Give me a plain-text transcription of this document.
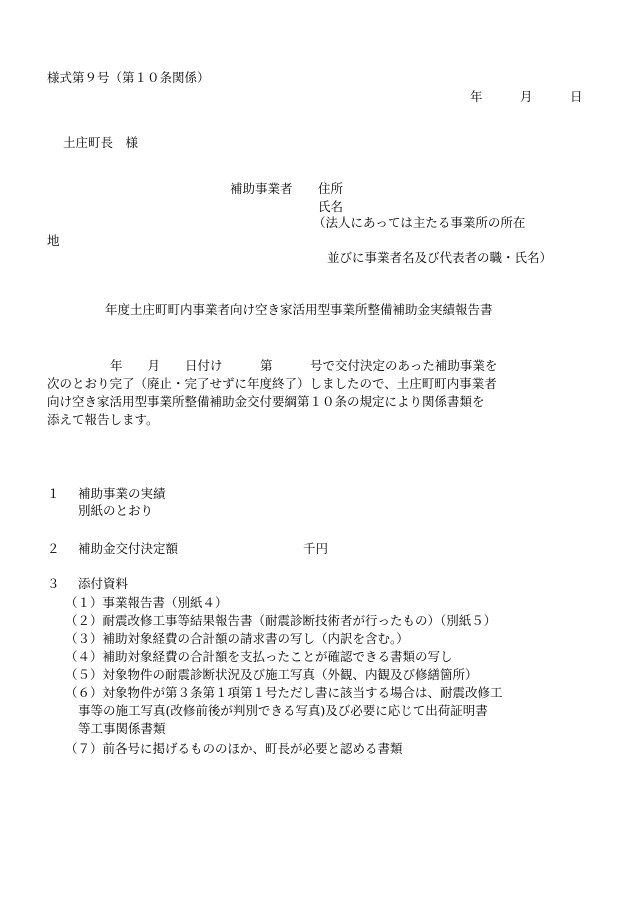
様式第９号（第１０条関係）
年　　　月　　　日
土庄町長　様
補助事業者 住所
氏名
（法人にあっては主たる事業所の所在
地
並びに事業者名及び代表者の職・氏名）
年度土庄町町内事業者向け空き家活用型事業所整備補助金実績報告書
年　　月　　日付け　　　第　　　号で交付決定のあった補助事業を
次のとおり完了（廃止・完了せずに年度終了）しましたので、土庄町町内事業者
向け空き家活用型事業所整備補助金交付要綱第１０条の規定により関係書類を
添えて報告します。
１ 補助事業の実績
別紙のとおり
２ 補助金交付決定額	千円
３ 添付資料
（１）事業報告書（別紙４）
（２）耐震改修工事等結果報告書（耐震診断技術者が行ったもの）（別紙５）
（３）補助対象経費の合計額の請求書の写し（内訳を含む。）
（４）補助対象経費の合計額を支払ったことが確認できる書類の写し
（５）対象物件の耐震診断状況及び施工写真（外観、内観及び修繕箇所）
（６）対象物件が第３条第１項第１号ただし書に該当する場合は、耐震改修工
事等の施工写真(改修前後が判別できる写真)及び必要に応じて出荷証明書
等工事関係書類
（７）前各号に掲げるもののほか、町長が必要と認める書類
